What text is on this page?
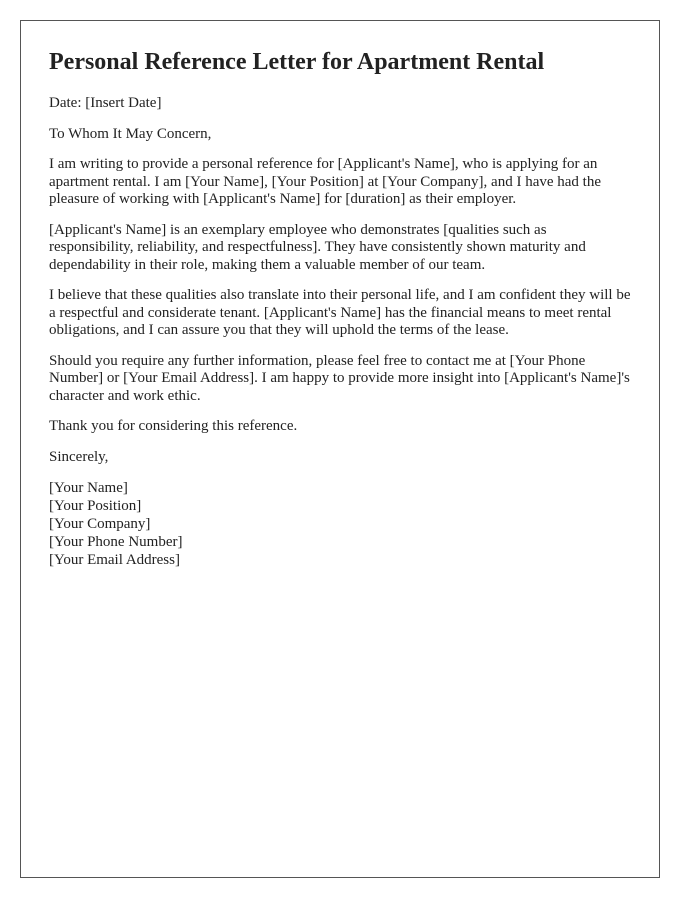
Personal Reference Letter for Apartment Rental

Date: [Insert Date]

To Whom It May Concern,

I am writing to provide a personal reference for [Applicant's Name], who is applying for an apartment rental. I am [Your Name], [Your Position] at [Your Company], and I have had the pleasure of working with [Applicant's Name] for [duration] as their employer.

[Applicant's Name] is an exemplary employee who demonstrates [qualities such as responsibility, reliability, and respectfulness]. They have consistently shown maturity and dependability in their role, making them a valuable member of our team.

I believe that these qualities also translate into their personal life, and I am confident they will be a respectful and considerate tenant. [Applicant's Name] has the financial means to meet rental obligations, and I can assure you that they will uphold the terms of the lease.

Should you require any further information, please feel free to contact me at [Your Phone Number] or [Your Email Address]. I am happy to provide more insight into [Applicant's Name]'s character and work ethic.

Thank you for considering this reference.

Sincerely,

[Your Name]
[Your Position]
[Your Company]
[Your Phone Number]
[Your Email Address]
